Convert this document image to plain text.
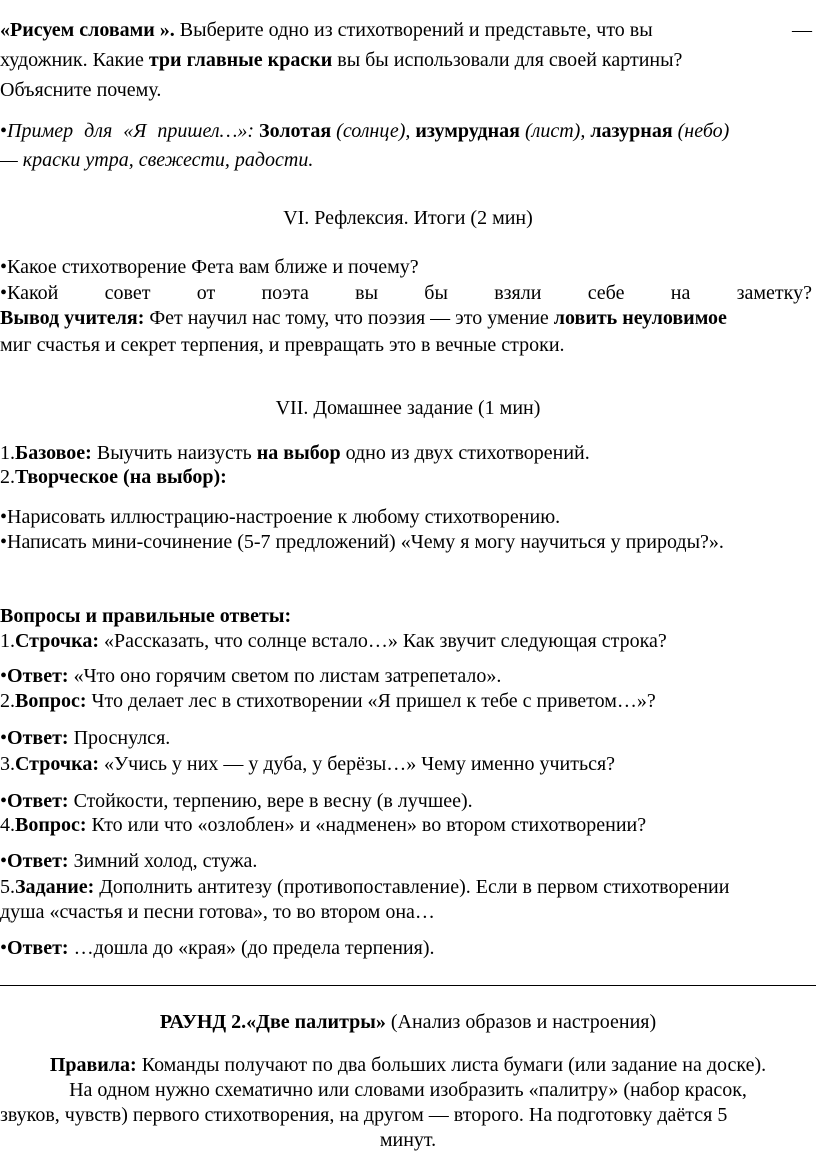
«Рисуем словами ». Выберите одно из стихотворений и представьте, что вы	—
художник. Какие три главные краски вы бы использовали для своей картины?
Объясните почему.
•Пример для «Я пришел…»: Золотая (солнце), изумрудная (лист), лазурная (небо)
— краски утра, свежести, радости.
VI. Рефлексия. Итоги (2 мин)
•Какое стихотворение Фета вам ближе и почему?
•Какой совет от поэта вы бы взяли себе на заметку?
Вывод учителя: Фет научил нас тому, что поэзия — это умение ловить неуловимое
миг счастья и секрет терпения, и превращать это в вечные строки.
VII. Домашнее задание (1 мин)
1.Базовое: Выучить наизусть на выбор одно из двух стихотворений.
2.Творческое (на выбор):
•Нарисовать иллюстрацию-настроение к любому стихотворению.
•Написать мини-сочинение (5-7 предложений) «Чему я могу научиться у природы?».
Вопросы и правильные ответы:
1.Строчка: «Рассказать, что солнце встало…» Как звучит следующая строка?
•Ответ: «Что оно горячим светом по листам затрепетало».
2.Вопрос: Что делает лес в стихотворении «Я пришел к тебе с приветом…»?
•Ответ: Проснулся.
3.Строчка: «Учись у них — у дуба, у берёзы…» Чему именно учиться?
•Ответ: Стойкости, терпению, вере в весну (в лучшее).
4.Вопрос: Кто или что «озлоблен» и «надменен» во втором стихотворении?
•Ответ: Зимний холод, стужа.
5.Задание: Дополнить антитезу (противопоставление). Если в первом стихотворении
душа «счастья и песни готова», то во втором она…
•Ответ: …дошла до «края» (до предела терпения).
РАУНД 2.«Две палитры» (Анализ образов и настроения)
Правила: Команды получают по два больших листа бумаги (или задание на доске).
На одном нужно схематично или словами изобразить «палитру» (набор красок,
звуков, чувств) первого стихотворения, на другом — второго. На подготовку даётся 5
минут.
